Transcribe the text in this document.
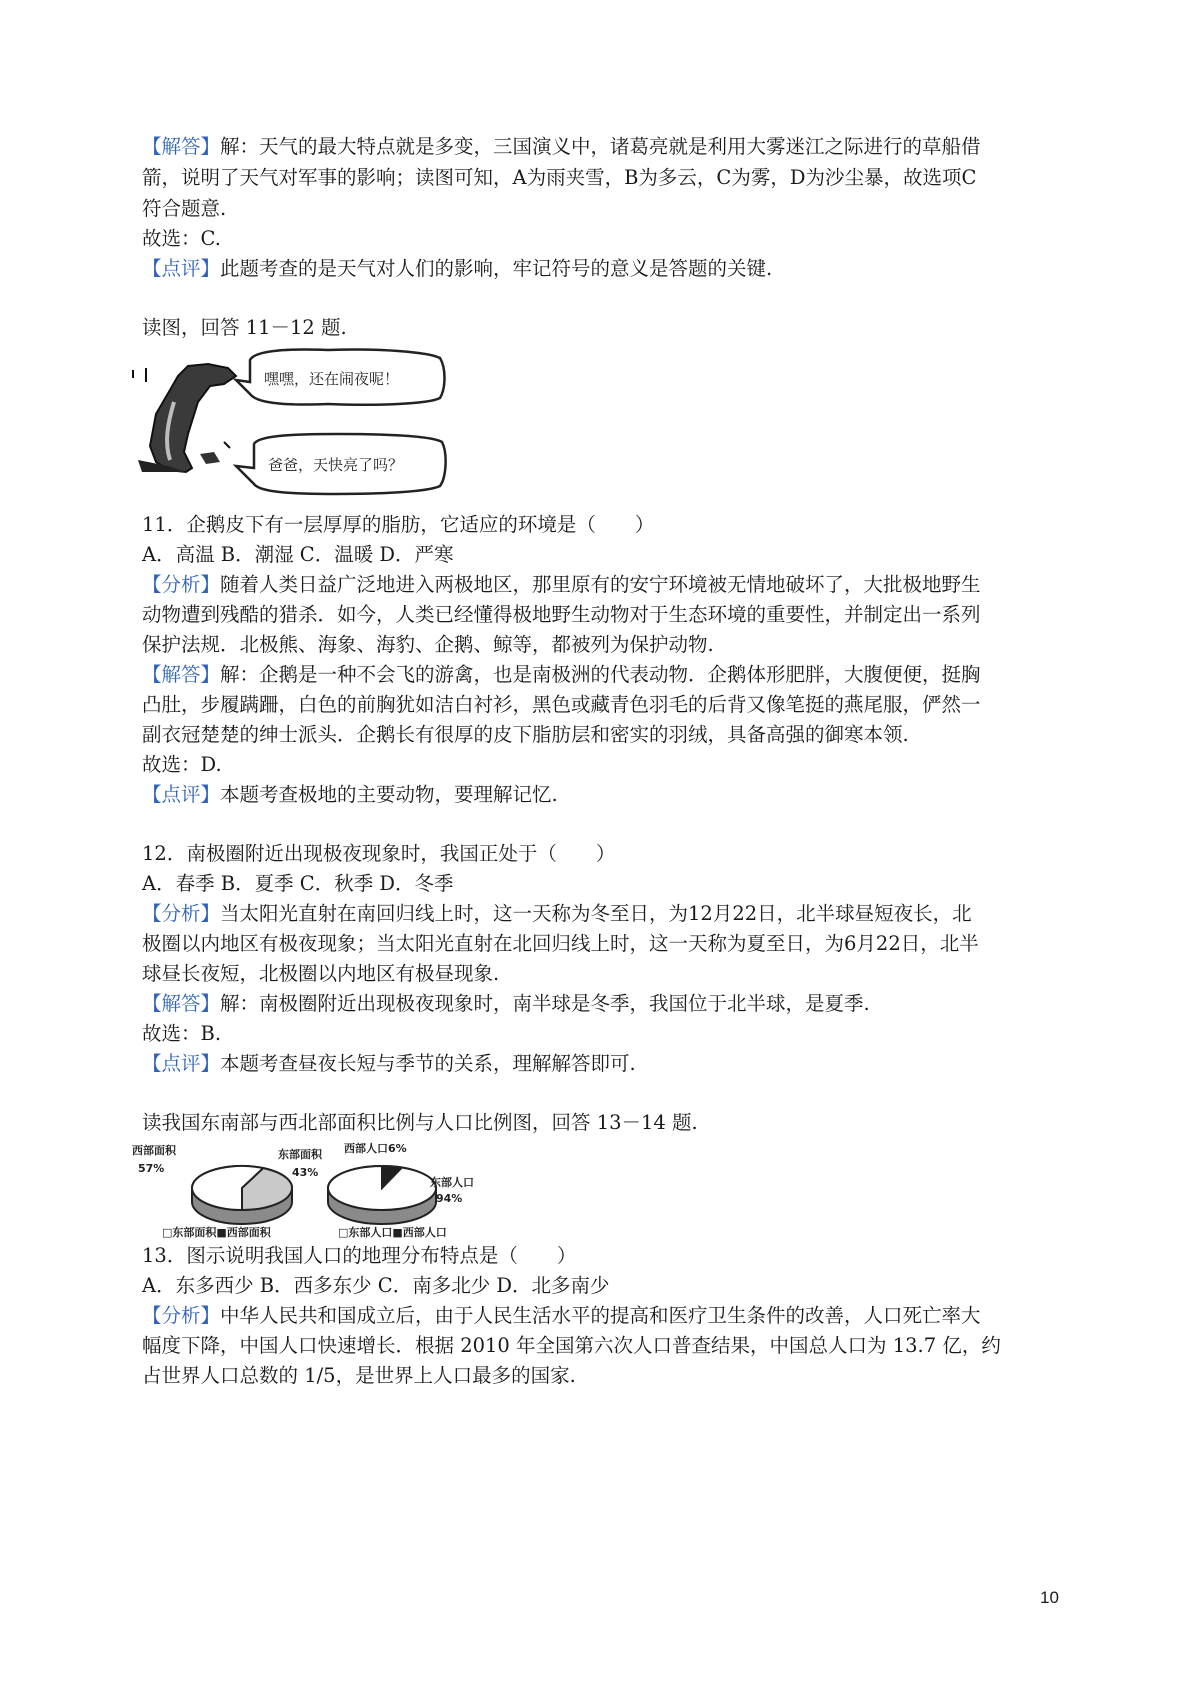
【解答】解：天气的最大特点就是多变，三国演义中，诸葛亮就是利用大雾迷江之际进行的草船借

箭，说明了天气对军事的影响；读图可知，A为雨夹雪，B为多云，C为雾，D为沙尘暴，故选项C

符合题意.

故选：C.

【点评】此题考查的是天气对人们的影响，牢记符号的意义是答题的关键.

读图，回答 11－12 题.

嘿嘿，还在闹夜呢！
爸爸，天快亮了吗？

11．企鹅皮下有一层厚厚的脂肪，它适应的环境是（　　）

A．高温 B．潮湿 C．温暖 D．严寒

【分析】随着人类日益广泛地进入两极地区，那里原有的安宁环境被无情地破坏了，大批极地野生

动物遭到残酷的猎杀．如今，人类已经懂得极地野生动物对于生态环境的重要性，并制定出一系列

保护法规．北极熊、海象、海豹、企鹅、鲸等，都被列为保护动物.

【解答】解：企鹅是一种不会飞的游禽，也是南极洲的代表动物．企鹅体形肥胖，大腹便便，挺胸

凸肚，步履蹒跚，白色的前胸犹如洁白衬衫，黑色或藏青色羽毛的后背又像笔挺的燕尾服，俨然一

副衣冠楚楚的绅士派头．企鹅长有很厚的皮下脂肪层和密实的羽绒，具备高强的御寒本领.

故选：D.

【点评】本题考查极地的主要动物，要理解记忆.

12．南极圈附近出现极夜现象时，我国正处于（　　）

A．春季 B．夏季 C．秋季 D．冬季

【分析】当太阳光直射在南回归线上时，这一天称为冬至日，为12月22日，北半球昼短夜长，北

极圈以内地区有极夜现象；当太阳光直射在北回归线上时，这一天称为夏至日，为6月22日，北半

球昼长夜短，北极圈以内地区有极昼现象.

【解答】解：南极圈附近出现极夜现象时，南半球是冬季，我国位于北半球，是夏季.

故选：B.

【点评】本题考查昼夜长短与季节的关系，理解解答即可.

读我国东南部与西北部面积比例与人口比例图，回答 13－14 题.

西部面积
57%
东部面积
43%
□东部面积■西部面积
西部人口6%
东部人口
94%
□东部人口■西部人口

13．图示说明我国人口的地理分布特点是（　　）

A．东多西少 B．西多东少 C．南多北少 D．北多南少

【分析】中华人民共和国成立后，由于人民生活水平的提高和医疗卫生条件的改善，人口死亡率大

幅度下降，中国人口快速增长．根据 2010 年全国第六次人口普查结果，中国总人口为 13.7 亿，约

占世界人口总数的 1/5，是世界上人口最多的国家.

10
